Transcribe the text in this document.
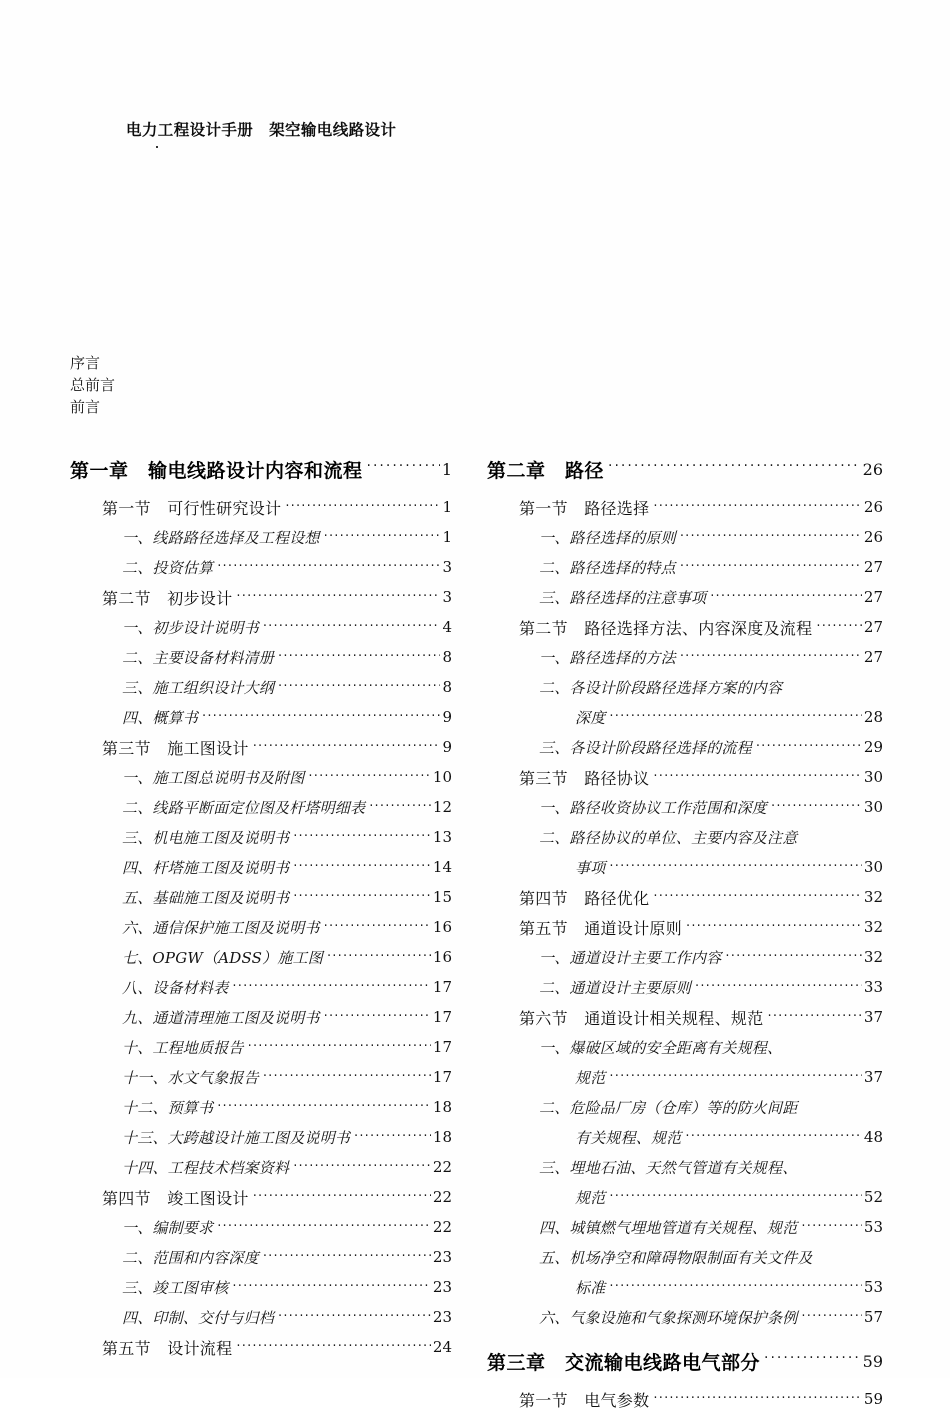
电力工程设计手册　架空输电线路设计
序言
总前言
前言
第一章　输电线路设计内容和流程 ·····	1
第一节　可行性研究设计 ·····	1
一、线路路径选择及工程设想 ·····	1
二、投资估算 ·····	3
第二节　初步设计 ·····	3
一、初步设计说明书 ·····	4
二、主要设备材料清册 ·····	8
三、施工组织设计大纲 ·····	8
四、概算书 ·····	9
第三节　施工图设计 ·····	9
一、施工图总说明书及附图 ·····	10
二、线路平断面定位图及杆塔明细表 ·····	12
三、机电施工图及说明书 ·····	13
四、杆塔施工图及说明书 ·····	14
五、基础施工图及说明书 ·····	15
六、通信保护施工图及说明书 ·····	16
七、OPGW（ADSS）施工图 ·····	16
八、设备材料表 ·····	17
九、通道清理施工图及说明书 ·····	17
十、工程地质报告 ·····	17
十一、水文气象报告 ·····	17
十二、预算书 ·····	18
十三、大跨越设计施工图及说明书 ·····	18
十四、工程技术档案资料 ·····	22
第四节　竣工图设计 ·····	22
一、编制要求 ·····	22
二、范围和内容深度 ·····	23
三、竣工图审核 ·····	23
四、印制、交付与归档 ·····	23
第五节　设计流程 ·····	24
第二章　路径 ·····	26
第一节　路径选择 ·····	26
一、路径选择的原则 ·····	26
二、路径选择的特点 ·····	27
三、路径选择的注意事项 ·····	27
第二节　路径选择方法、内容深度及流程 ·····	27
一、路径选择的方法 ·····	27
二、各设计阶段路径选择方案的内容
深度 ·····	28
三、各设计阶段路径选择的流程 ·····	29
第三节　路径协议 ·····	30
一、路径收资协议工作范围和深度 ·····	30
二、路径协议的单位、主要内容及注意
事项 ·····	30
第四节　路径优化 ·····	32
第五节　通道设计原则 ·····	32
一、通道设计主要工作内容 ·····	32
二、通道设计主要原则 ·····	33
第六节　通道设计相关规程、规范 ·····	37
一、爆破区域的安全距离有关规程、
规范 ·····	37
二、危险品厂房（仓库）等的防火间距
有关规程、规范 ·····	48
三、埋地石油、天然气管道有关规程、
规范 ·····	52
四、城镇燃气埋地管道有关规程、规范 ·····	53
五、机场净空和障碍物限制面有关文件及
标准 ·····	53
六、气象设施和气象探测环境保护条例 ·····	57
第三章　交流输电线路电气部分 ·····	59
第一节　电气参数 ·····	59
